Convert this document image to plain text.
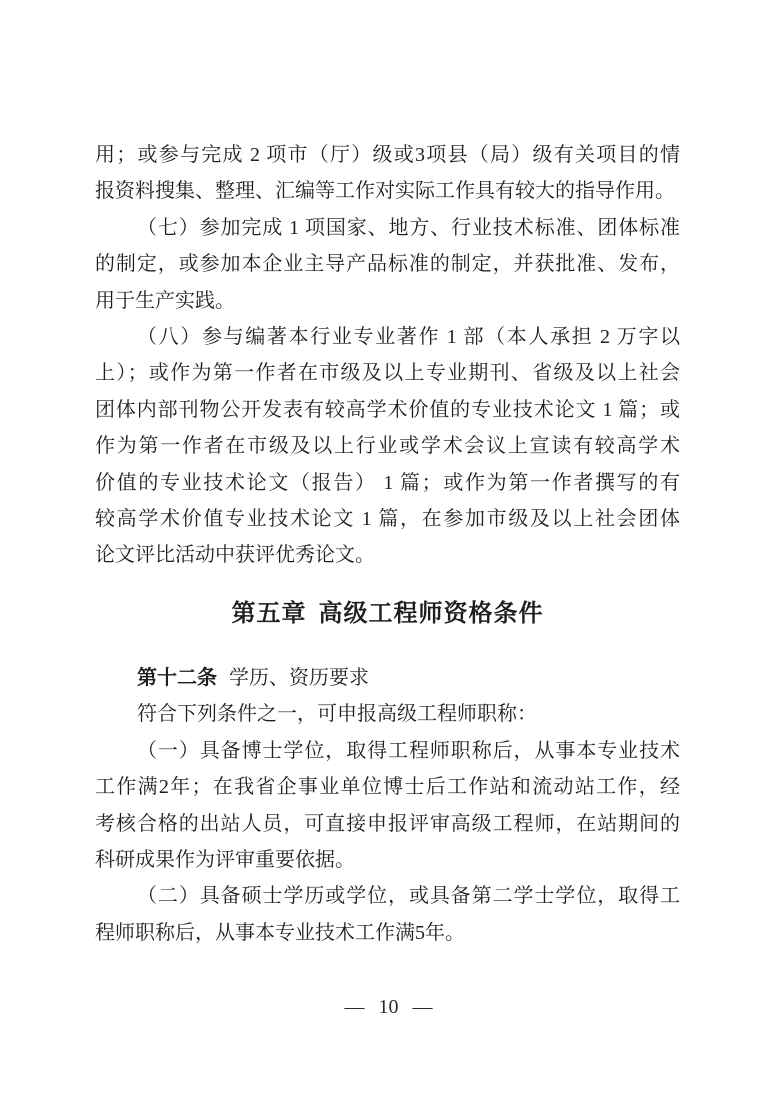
用；或参与完成 2 项市（厅）级或3项县（局）级有关项目的情

报资料搜集、整理、汇编等工作对实际工作具有较大的指导作用。

（七）参加完成 1 项国家、地方、行业技术标准、团体标准

的制定，或参加本企业主导产品标准的制定，并获批准、发布，

用于生产实践。

（八）参与编著本行业专业著作 1 部（本人承担 2 万字以

上）；或作为第一作者在市级及以上专业期刊、省级及以上社会

团体内部刊物公开发表有较高学术价值的专业技术论文 1 篇；或

作为第一作者在市级及以上行业或学术会议上宣读有较高学术

价值的专业技术论文（报告） 1 篇；或作为第一作者撰写的有

较高学术价值专业技术论文 1 篇，在参加市级及以上社会团体

论文评比活动中获评优秀论文。

第五章 高级工程师资格条件

第十二条 学历、资历要求

符合下列条件之一，可申报高级工程师职称：

（一）具备博士学位，取得工程师职称后，从事本专业技术

工作满2年；在我省企事业单位博士后工作站和流动站工作，经

考核合格的出站人员，可直接申报评审高级工程师，在站期间的

科研成果作为评审重要依据。

（二）具备硕士学历或学位，或具备第二学士学位，取得工

程师职称后，从事本专业技术工作满5年。

— 10 —
